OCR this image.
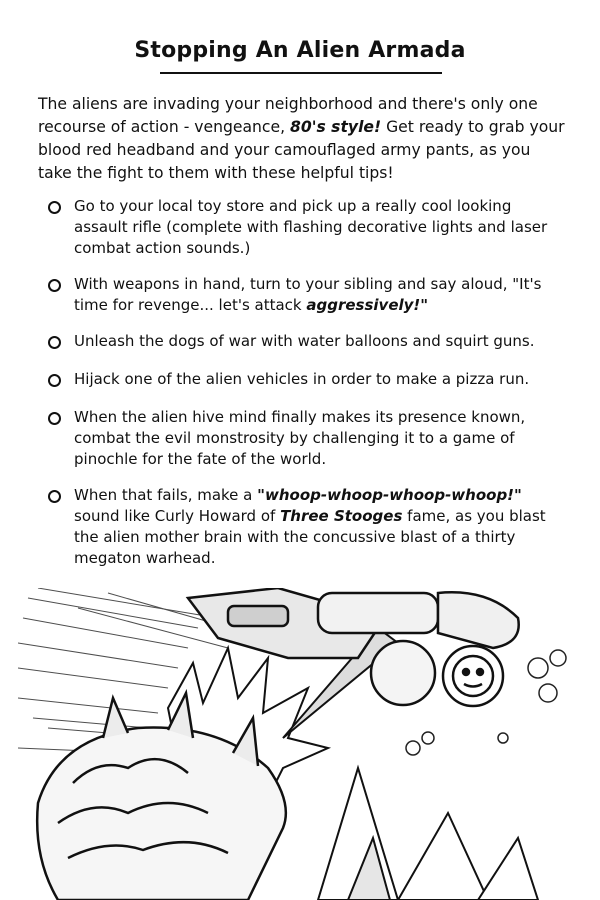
Stopping An Alien Armada

The aliens are invading your neighborhood and there's only one recourse of action - vengeance, 80's style! Get ready to grab your blood red headband and your camouflaged army pants, as you take the fight to them with these helpful tips!

Go to your local toy store and pick up a really cool looking assault rifle (complete with flashing decorative lights and laser combat action sounds.)
With weapons in hand, turn to your sibling and say aloud, "It's time for revenge... let's attack aggressively!"
Unleash the dogs of war with water balloons and squirt guns.
Hijack one of the alien vehicles in order to make a pizza run.
When the alien hive mind finally makes its presence known, combat the evil monstrosity by challenging it to a game of pinochle for the fate of the world.
When that fails, make a "whoop-whoop-whoop-whoop!" sound like Curly Howard of Three Stooges fame, as you blast the alien mother brain with the concussive blast of a thirty megaton warhead.
